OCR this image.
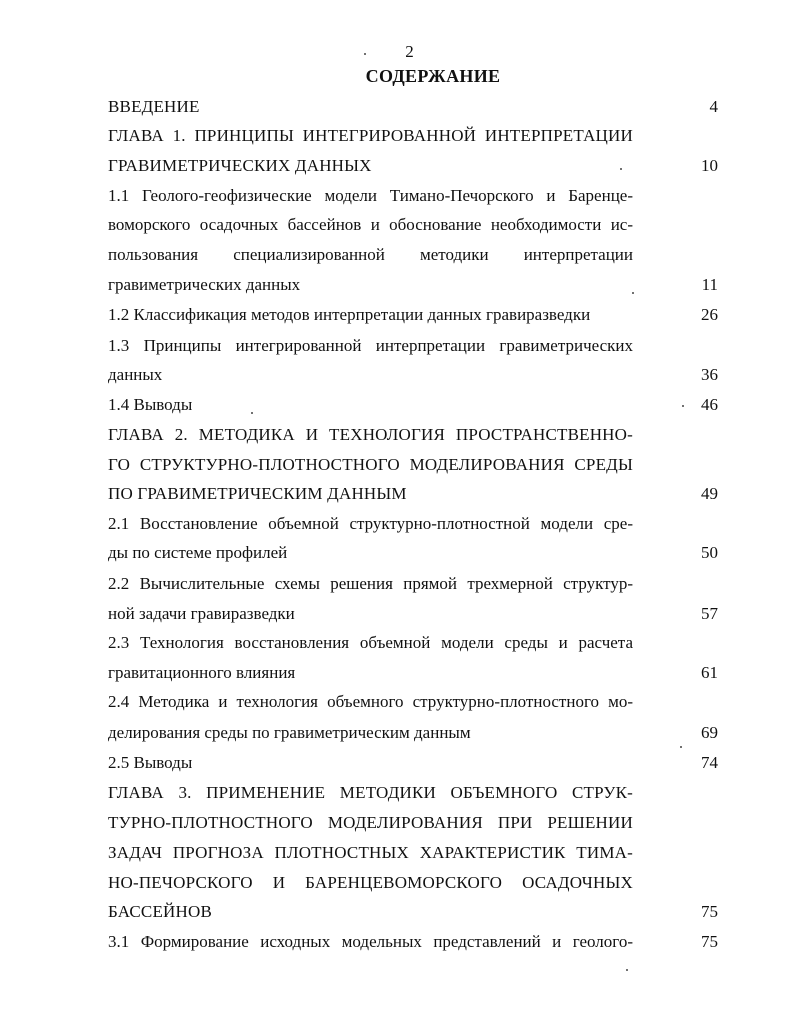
2
СОДЕРЖАНИЕ
ВВЕДЕНИЕ	4
ГЛАВА 1. ПРИНЦИПЫ ИНТЕГРИРОВАННОЙ ИНТЕРПРЕТАЦИИ
ГРАВИМЕТРИЧЕСКИХ ДАННЫХ	10
1.1 Геолого-геофизические модели Тимано-Печорского и Баренце-
воморского осадочных бассейнов и обоснование необходимости ис-
пользования специализированной методики интерпретации
гравиметрических данных	11
1.2 Классификация методов интерпретации данных гравиразведки	26
1.3 Принципы интегрированной интерпретации гравиметрических
данных	36
1.4 Выводы	46
ГЛАВА 2. МЕТОДИКА И ТЕХНОЛОГИЯ ПРОСТРАНСТВЕННО-
ГО СТРУКТУРНО-ПЛОТНОСТНОГО МОДЕЛИРОВАНИЯ СРЕДЫ
ПО ГРАВИМЕТРИЧЕСКИМ ДАННЫМ	49
2.1 Восстановление объемной структурно-плотностной модели сре-
ды по системе профилей	50
2.2 Вычислительные схемы решения прямой трехмерной структур-
ной задачи гравиразведки	57
2.3 Технология восстановления объемной модели среды и расчета
гравитационного влияния	61
2.4 Методика и технология объемного структурно-плотностного мо-
делирования среды по гравиметрическим данным	69
2.5 Выводы	74
ГЛАВА 3. ПРИМЕНЕНИЕ МЕТОДИКИ ОБЪЕМНОГО СТРУК-
ТУРНО-ПЛОТНОСТНОГО МОДЕЛИРОВАНИЯ ПРИ РЕШЕНИИ
ЗАДАЧ ПРОГНОЗА ПЛОТНОСТНЫХ ХАРАКТЕРИСТИК ТИМА-
НО-ПЕЧОРСКОГО И БАРЕНЦЕВОМОРСКОГО ОСАДОЧНЫХ
БАССЕЙНОВ	75
3.1 Формирование исходных модельных представлений и геолого-	75
